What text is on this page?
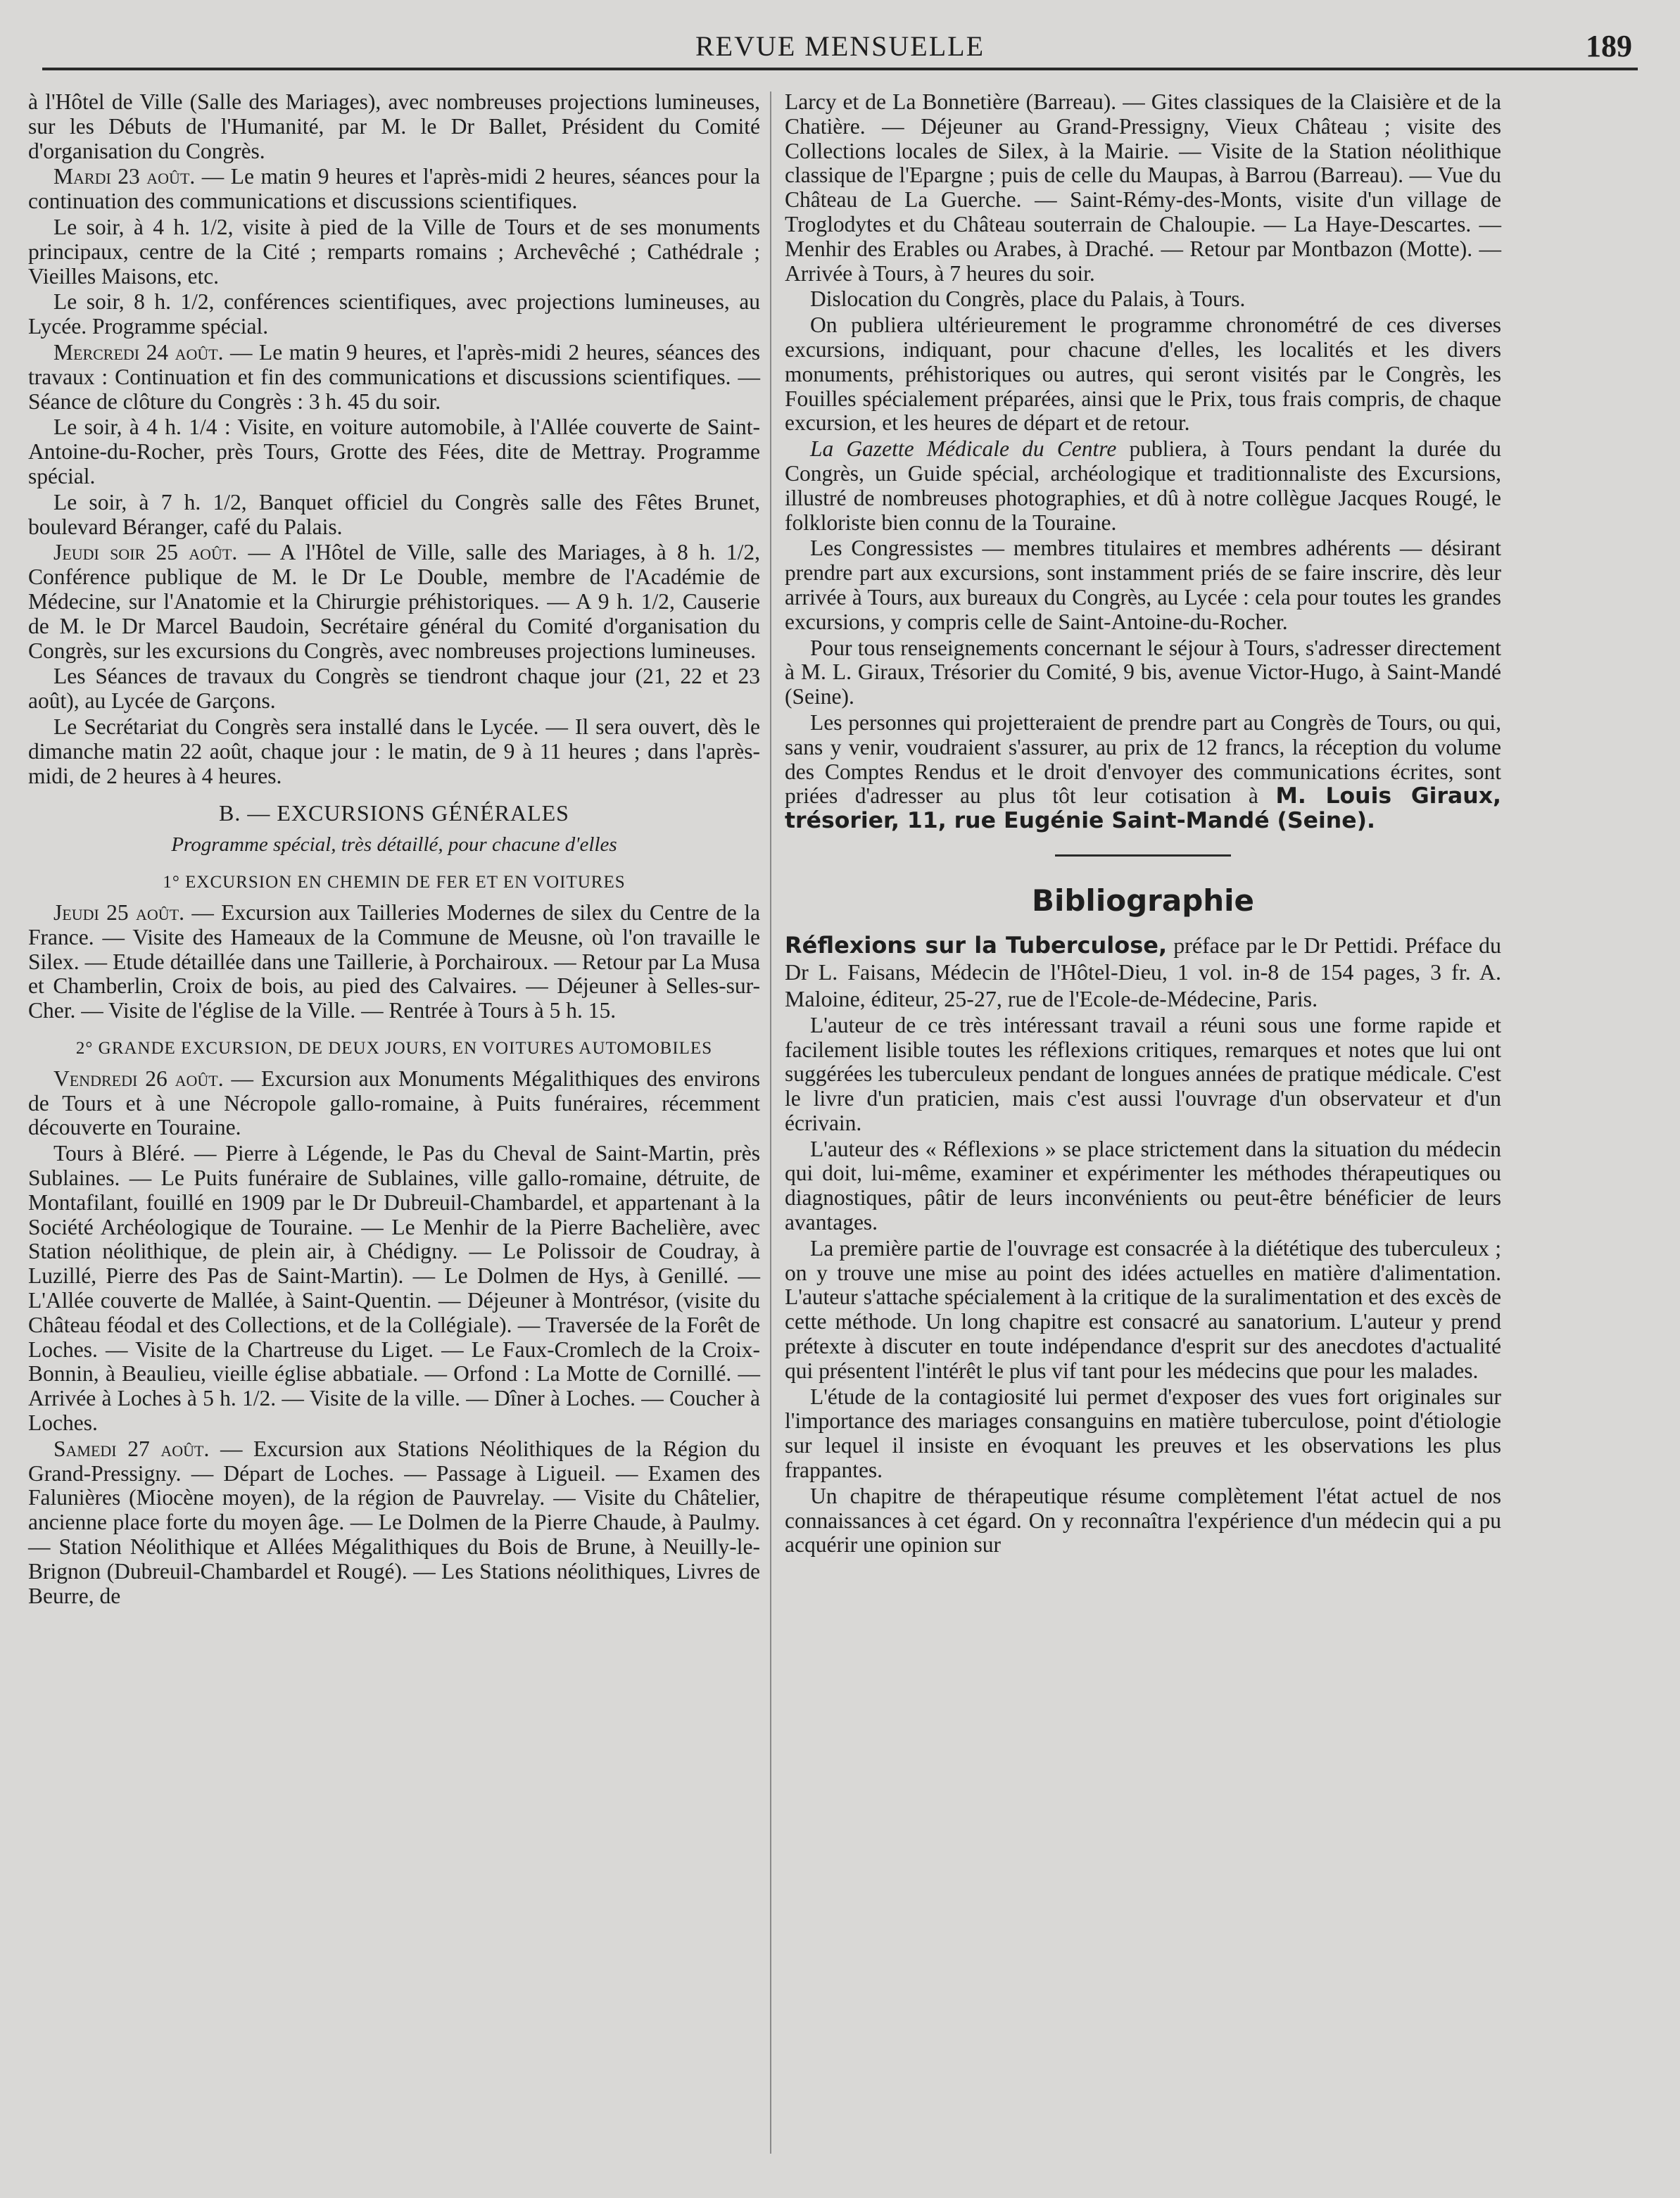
REVUE MENSUELLE	189

à l'Hôtel de Ville (Salle des Mariages), avec nombreuses projections lumineuses, sur les Débuts de l'Humanité, par M. le Dr Ballet, Président du Comité d'organisation du Congrès.

Mardi 23 août. — Le matin 9 heures et l'après-midi 2 heures, séances pour la continuation des communications et discussions scientifiques.

Le soir, à 4 h. 1/2, visite à pied de la Ville de Tours et de ses monuments principaux, centre de la Cité ; remparts romains ; Archevêché ; Cathédrale ; Vieilles Maisons, etc.

Le soir, 8 h. 1/2, conférences scientifiques, avec projections lumineuses, au Lycée. Programme spécial.

Mercredi 24 août. — Le matin 9 heures, et l'après-midi 2 heures, séances des travaux : Continuation et fin des communications et discussions scientifiques. — Séance de clôture du Congrès : 3 h. 45 du soir.

Le soir, à 4 h. 1/4 : Visite, en voiture automobile, à l'Allée couverte de Saint-Antoine-du-Rocher, près Tours, Grotte des Fées, dite de Mettray. Programme spécial.

Le soir, à 7 h. 1/2, Banquet officiel du Congrès salle des Fêtes Brunet, boulevard Béranger, café du Palais.

Jeudi soir 25 août. — A l'Hôtel de Ville, salle des Mariages, à 8 h. 1/2, Conférence publique de M. le Dr Le Double, membre de l'Académie de Médecine, sur l'Anatomie et la Chirurgie préhistoriques. — A 9 h. 1/2, Causerie de M. le Dr Marcel Baudoin, Secrétaire général du Comité d'organisation du Congrès, sur les excursions du Congrès, avec nombreuses projections lumineuses.

Les Séances de travaux du Congrès se tiendront chaque jour (21, 22 et 23 août), au Lycée de Garçons.

Le Secrétariat du Congrès sera installé dans le Lycée. — Il sera ouvert, dès le dimanche matin 22 août, chaque jour : le matin, de 9 à 11 heures ; dans l'après-midi, de 2 heures à 4 heures.

B. — EXCURSIONS GÉNÉRALES
Programme spécial, très détaillé, pour chacune d'elles
1° EXCURSION EN CHEMIN DE FER ET EN VOITURES

Jeudi 25 août. — Excursion aux Tailleries Modernes de silex du Centre de la France. — Visite des Hameaux de la Commune de Meusne, où l'on travaille le Silex. — Etude détaillée dans une Taillerie, à Porchairoux. — Retour par La Musa et Chamberlin, Croix de bois, au pied des Calvaires. — Déjeuner à Selles-sur-Cher. — Visite de l'église de la Ville. — Rentrée à Tours à 5 h. 15.

2° GRANDE EXCURSION, DE DEUX JOURS, EN VOITURES AUTOMOBILES

Vendredi 26 août. — Excursion aux Monuments Mégalithiques des environs de Tours et à une Nécropole gallo-romaine, à Puits funéraires, récemment découverte en Touraine.

Tours à Bléré. — Pierre à Légende, le Pas du Cheval de Saint-Martin, près Sublaines. — Le Puits funéraire de Sublaines, ville gallo-romaine, détruite, de Montafilant, fouillé en 1909 par le Dr Dubreuil-Chambardel, et appartenant à la Société Archéologique de Touraine. — Le Menhir de la Pierre Bachelière, avec Station néolithique, de plein air, à Chédigny. — Le Polissoir de Coudray, à Luzillé, Pierre des Pas de Saint-Martin). — Le Dolmen de Hys, à Genillé. — L'Allée couverte de Mallée, à Saint-Quentin. — Déjeuner à Montrésor, (visite du Château féodal et des Collections, et de la Collégiale). — Traversée de la Forêt de Loches. — Visite de la Chartreuse du Liget. — Le Faux-Cromlech de la Croix-Bonnin, à Beaulieu, vieille église abbatiale. — Orfond : La Motte de Cornillé. — Arrivée à Loches à 5 h. 1/2. — Visite de la ville. — Dîner à Loches. — Coucher à Loches.

Samedi 27 août. — Excursion aux Stations Néolithiques de la Région du Grand-Pressigny. — Départ de Loches. — Passage à Ligueil. — Examen des Falunières (Miocène moyen), de la région de Pauvrelay. — Visite du Châtelier, ancienne place forte du moyen âge. — Le Dolmen de la Pierre Chaude, à Paulmy. — Station Néolithique et Allées Mégalithiques du Bois de Brune, à Neuilly-le-Brignon (Dubreuil-Chambardel et Rougé). — Les Stations néolithiques, Livres de Beurre, de

Larcy et de La Bonnetière (Barreau). — Gites classiques de la Claisière et de la Chatière. — Déjeuner au Grand-Pressigny, Vieux Château ; visite des Collections locales de Silex, à la Mairie. — Visite de la Station néolithique classique de l'Epargne ; puis de celle du Maupas, à Barrou (Barreau). — Vue du Château de La Guerche. — Saint-Rémy-des-Monts, visite d'un village de Troglodytes et du Château souterrain de Chaloupie. — La Haye-Descartes. — Menhir des Erables ou Arabes, à Draché. — Retour par Montbazon (Motte). — Arrivée à Tours, à 7 heures du soir.

Dislocation du Congrès, place du Palais, à Tours.

On publiera ultérieurement le programme chronométré de ces diverses excursions, indiquant, pour chacune d'elles, les localités et les divers monuments, préhistoriques ou autres, qui seront visités par le Congrès, les Fouilles spécialement préparées, ainsi que le Prix, tous frais compris, de chaque excursion, et les heures de départ et de retour.

La Gazette Médicale du Centre publiera, à Tours pendant la durée du Congrès, un Guide spécial, archéologique et traditionnaliste des Excursions, illustré de nombreuses photographies, et dû à notre collègue Jacques Rougé, le folkloriste bien connu de la Touraine.

Les Congressistes — membres titulaires et membres adhérents — désirant prendre part aux excursions, sont instamment priés de se faire inscrire, dès leur arrivée à Tours, aux bureaux du Congrès, au Lycée : cela pour toutes les grandes excursions, y compris celle de Saint-Antoine-du-Rocher.

Pour tous renseignements concernant le séjour à Tours, s'adresser directement à M. L. Giraux, Trésorier du Comité, 9 bis, avenue Victor-Hugo, à Saint-Mandé (Seine).

Les personnes qui projetteraient de prendre part au Congrès de Tours, ou qui, sans y venir, voudraient s'assurer, au prix de 12 francs, la réception du volume des Comptes Rendus et le droit d'envoyer des communications écrites, sont priées d'adresser au plus tôt leur cotisation à M. Louis Giraux, trésorier, 11, rue Eugénie Saint-Mandé (Seine).

Bibliographie

Réflexions sur la Tuberculose, préface par le Dr Pettidi. Préface du Dr L. Faisans, Médecin de l'Hôtel-Dieu, 1 vol. in-8 de 154 pages, 3 fr. A. Maloine, éditeur, 25-27, rue de l'Ecole-de-Médecine, Paris.

L'auteur de ce très intéressant travail a réuni sous une forme rapide et facilement lisible toutes les réflexions critiques, remarques et notes que lui ont suggérées les tuberculeux pendant de longues années de pratique médicale. C'est le livre d'un praticien, mais c'est aussi l'ouvrage d'un observateur et d'un écrivain.

L'auteur des « Réflexions » se place strictement dans la situation du médecin qui doit, lui-même, examiner et expérimenter les méthodes thérapeutiques ou diagnostiques, pâtir de leurs inconvénients ou peut-être bénéficier de leurs avantages.

La première partie de l'ouvrage est consacrée à la diététique des tuberculeux ; on y trouve une mise au point des idées actuelles en matière d'alimentation. L'auteur s'attache spécialement à la critique de la suralimentation et des excès de cette méthode. Un long chapitre est consacré au sanatorium. L'auteur y prend prétexte à discuter en toute indépendance d'esprit sur des anecdotes d'actualité qui présentent l'intérêt le plus vif tant pour les médecins que pour les malades.

L'étude de la contagiosité lui permet d'exposer des vues fort originales sur l'importance des mariages consanguins en matière tuberculose, point d'étiologie sur lequel il insiste en évoquant les preuves et les observations les plus frappantes.

Un chapitre de thérapeutique résume complètement l'état actuel de nos connaissances à cet égard. On y reconnaîtra l'expérience d'un médecin qui a pu acquérir une opinion sur
